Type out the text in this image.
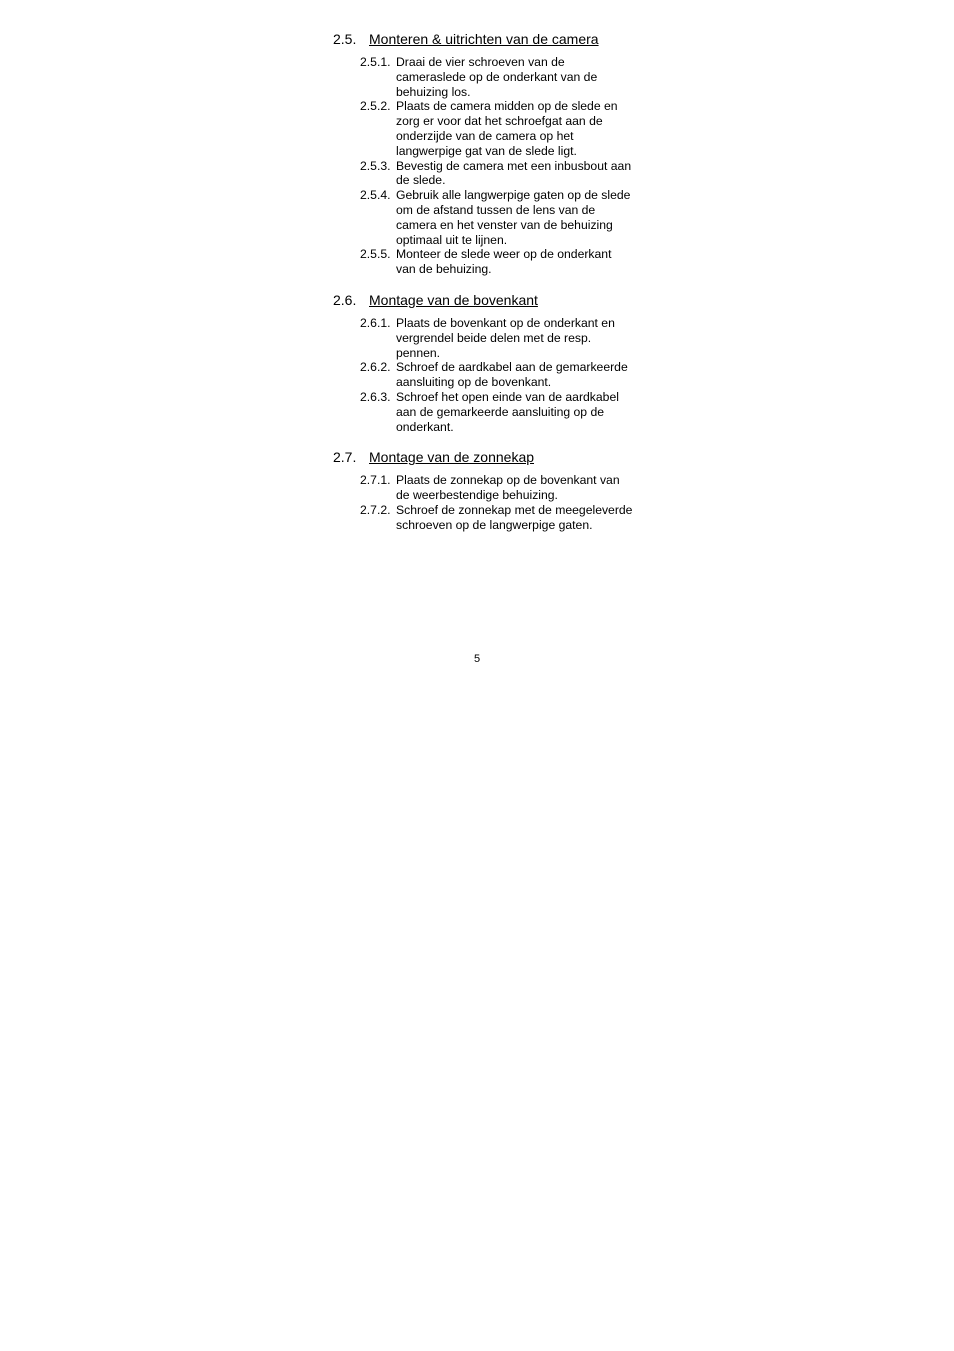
2.5. Monteren & uitrichten van de camera
2.5.1. Draai de vier schroeven van de cameraslede op de onderkant van de behuizing los.
2.5.2. Plaats de camera midden op de slede en zorg er voor dat het schroefgat aan de onderzijde van de camera op het langwerpige gat van de slede ligt.
2.5.3. Bevestig de camera met een inbusbout aan de slede.
2.5.4. Gebruik alle langwerpige gaten op de slede om de afstand tussen de lens van de camera en het venster van de behuizing optimaal uit te lijnen.
2.5.5. Monteer de slede weer op de onderkant van de behuizing.
2.6. Montage van de bovenkant
2.6.1. Plaats de bovenkant op de onderkant en vergrendel beide delen met de resp. pennen.
2.6.2. Schroef de aardkabel aan de gemarkeerde aansluiting op de bovenkant.
2.6.3. Schroef het open einde van de aardkabel aan de gemarkeerde aansluiting op de onderkant.
2.7. Montage van de zonnekap
2.7.1. Plaats de zonnekap op de bovenkant van de weerbestendige behuizing.
2.7.2. Schroef de zonnekap met de meegeleverde schroeven op de langwerpige gaten.
5
